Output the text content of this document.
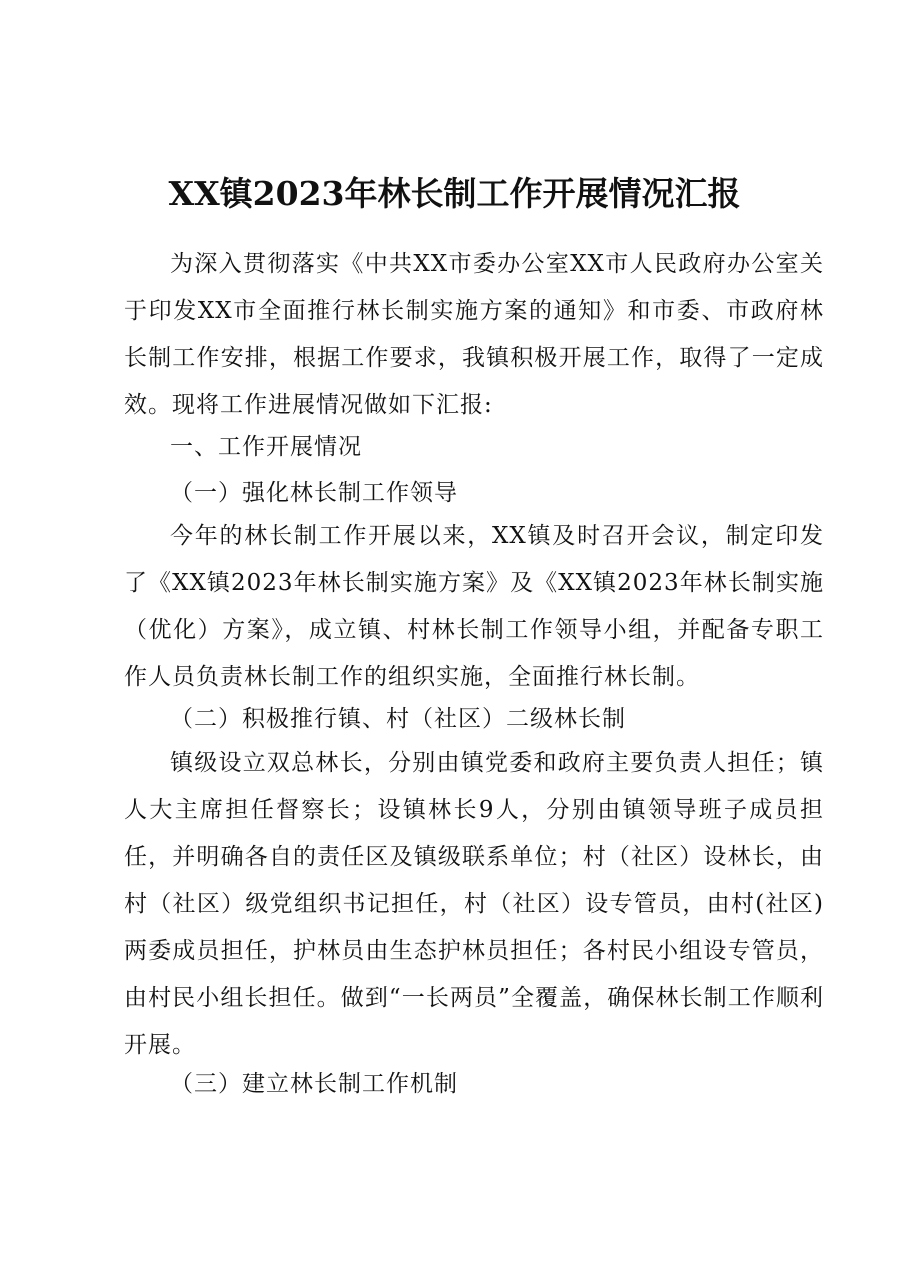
XX镇2023年林长制工作开展情况汇报

为深入贯彻落实《中共XX市委办公室XX市人民政府办公室关于印发XX市全面推行林长制实施方案的通知》和市委、市政府林长制工作安排，根据工作要求，我镇积极开展工作，取得了一定成效。现将工作进展情况做如下汇报:

一、工作开展情况

（一）强化林长制工作领导

今年的林长制工作开展以来，XX镇及时召开会议，制定印发了《XX镇2023年林长制实施方案》及《XX镇2023年林长制实施（优化）方案》，成立镇、村林长制工作领导小组，并配备专职工作人员负责林长制工作的组织实施，全面推行林长制。

（二）积极推行镇、村（社区）二级林长制

镇级设立双总林长，分别由镇党委和政府主要负责人担任；镇人大主席担任督察长；设镇林长9人，分别由镇领导班子成员担任，并明确各自的责任区及镇级联系单位；村（社区）设林长，由村（社区）级党组织书记担任，村（社区）设专管员，由村(社区)两委成员担任，护林员由生态护林员担任；各村民小组设专管员，由村民小组长担任。做到“一长两员”全覆盖，确保林长制工作顺利开展。

（三）建立林长制工作机制
